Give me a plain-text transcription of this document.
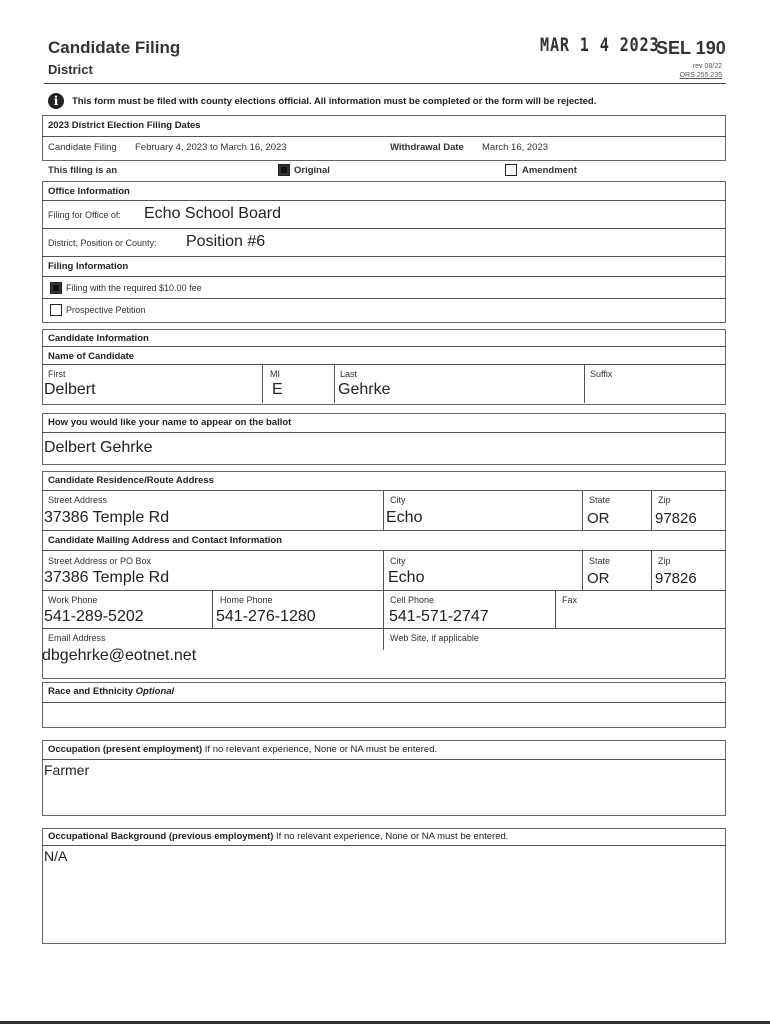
Candidate Filing
District
MAR 1 4 2023
SEL 190
rev 08/22
ORS 255.235
i	This form must be filed with county elections official. All information must be completed or the form will be rejected.
2023 District Election Filing Dates
Candidate Filing February 4, 2023 to March 16, 2023	Withdrawal Date March 16, 2023
This filing is an	Original	Amendment
Office Information
Filing for Office of: Echo School Board
District, Position or County: Position #6
Filing Information
Filing with the required $10.00 fee
Prospective Petition
Candidate Information
Name of Candidate
First
Delbert
MI
E
Last
Gehrke
Suffix
How you would like your name to appear on the ballot
Delbert Gehrke
Candidate Residence/Route Address
Street Address
37386 Temple Rd
City
Echo
State
OR
Zip
97826
Candidate Mailing Address and Contact Information
Street Address or PO Box
37386 Temple Rd
City
Echo
State
OR
Zip
97826
Work Phone
541-289-5202
Home Phone
541-276-1280
Cell Phone
541-571-2747
Fax
Email Address
dbgehrke@eotnet.net
Web Site, if applicable
Race and Ethnicity Optional
Occupation (present employment) If no relevant experience, None or NA must be entered.
Farmer
Occupational Background (previous employment) If no relevant experience, None or NA must be entered.
N/A
